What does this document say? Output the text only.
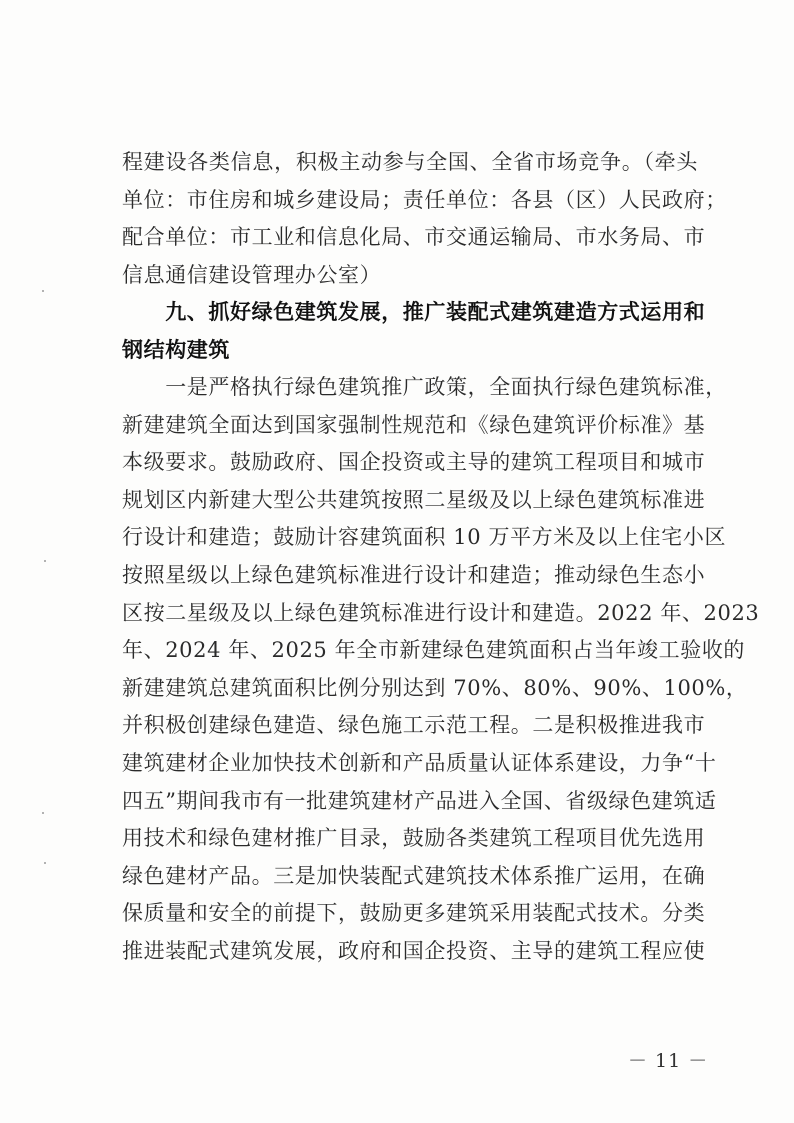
程建设各类信息，积极主动参与全国、全省市场竞争。（牵头
单位：市住房和城乡建设局；责任单位：各县（区）人民政府；
配合单位：市工业和信息化局、市交通运输局、市水务局、市
信息通信建设管理办公室）
　　九、抓好绿色建筑发展，推广装配式建筑建造方式运用和
钢结构建筑
　　一是严格执行绿色建筑推广政策，全面执行绿色建筑标准，
新建建筑全面达到国家强制性规范和《绿色建筑评价标准》基
本级要求。鼓励政府、国企投资或主导的建筑工程项目和城市
规划区内新建大型公共建筑按照二星级及以上绿色建筑标准进
行设计和建造；鼓励计容建筑面积 10 万平方米及以上住宅小区
按照星级以上绿色建筑标准进行设计和建造；推动绿色生态小
区按二星级及以上绿色建筑标准进行设计和建造。2022 年、2023
年、2024 年、2025 年全市新建绿色建筑面积占当年竣工验收的
新建建筑总建筑面积比例分别达到 70%、80%、90%、100%，
并积极创建绿色建造、绿色施工示范工程。二是积极推进我市
建筑建材企业加快技术创新和产品质量认证体系建设，力争“十
四五”期间我市有一批建筑建材产品进入全国、省级绿色建筑适
用技术和绿色建材推广目录，鼓励各类建筑工程项目优先选用
绿色建材产品。三是加快装配式建筑技术体系推广运用，在确
保质量和安全的前提下，鼓励更多建筑采用装配式技术。分类
推进装配式建筑发展，政府和国企投资、主导的建筑工程应使
－ 11 －
